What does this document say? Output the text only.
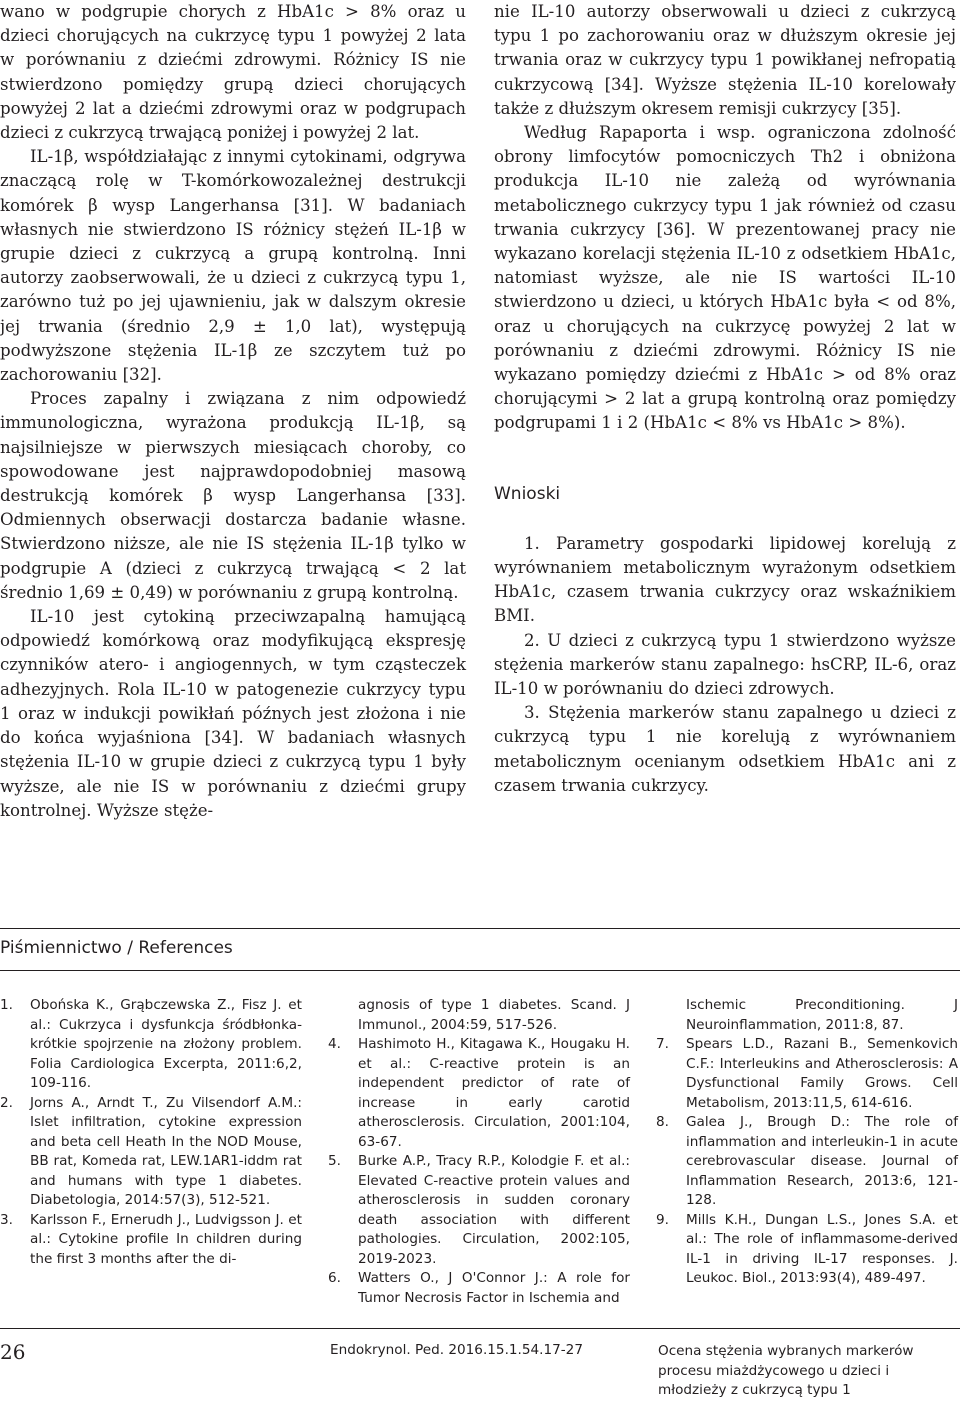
wano w podgrupie chorych z HbA1c > 8% oraz u dzieci chorujących na cukrzycę typu 1 powyżej 2 lata w porównaniu z dziećmi zdrowymi. Różnicy IS nie stwierdzono pomiędzy grupą dzieci chorujących powyżej 2 lat a dziećmi zdrowymi oraz w podgrupach dzieci z cukrzycą trwającą poniżej i powyżej 2 lat.

IL-1β, współdziałając z innymi cytokinami, odgrywa znaczącą rolę w T-komórkowozależnej destrukcji komórek β wysp Langerhansa [31]. W badaniach własnych nie stwierdzono IS różnicy stężeń IL-1β w grupie dzieci z cukrzycą a grupą kontrolną. Inni autorzy zaobserwowali, że u dzieci z cukrzycą typu 1, zarówno tuż po jej ujawnieniu, jak w dalszym okresie jej trwania (średnio 2,9 ± 1,0 lat), występują podwyższone stężenia IL-1β ze szczytem tuż po zachorowaniu [32].

Proces zapalny i związana z nim odpowiedź immunologiczna, wyrażona produkcją IL-1β, są najsilniejsze w pierwszych miesiącach choroby, co spowodowane jest najprawdopodobniej masową destrukcją komórek β wysp Langerhansa [33]. Odmiennych obserwacji dostarcza badanie własne. Stwierdzono niższe, ale nie IS stężenia IL-1β tylko w podgrupie A (dzieci z cukrzycą trwającą < 2 lat średnio 1,69 ± 0,49) w porównaniu z grupą kontrolną.

IL-10 jest cytokiną przeciwzapalną hamującą odpowiedź komórkową oraz modyfikującą ekspresję czynników atero- i angiogennych, w tym cząsteczek adhezyjnych. Rola IL-10 w patogenezie cukrzycy typu 1 oraz w indukcji powikłań późnych jest złożona i nie do końca wyjaśniona [34]. W badaniach własnych stężenia IL-10 w grupie dzieci z cukrzycą typu 1 były wyższe, ale nie IS w porównaniu z dziećmi grupy kontrolnej. Wyższe stęże-

nie IL-10 autorzy obserwowali u dzieci z cukrzycą typu 1 po zachorowaniu oraz w dłuższym okresie jej trwania oraz w cukrzycy typu 1 powikłanej nefropatią cukrzycową [34]. Wyższe stężenia IL-10 korelowały także z dłuższym okresem remisji cukrzycy [35].

Według Rapaporta i wsp. ograniczona zdolność obrony limfocytów pomocniczych Th2 i obniżona produkcja IL-10 nie zależą od wyrównania metabolicznego cukrzycy typu 1 jak również od czasu trwania cukrzycy [36]. W prezentowanej pracy nie wykazano korelacji stężenia IL-10 z odsetkiem HbA1c, natomiast wyższe, ale nie IS wartości IL-10 stwierdzono u dzieci, u których HbA1c była < od 8%, oraz u chorujących na cukrzycę powyżej 2 lat w porównaniu z dziećmi zdrowymi. Różnicy IS nie wykazano pomiędzy dziećmi z HbA1c > od 8% oraz chorującymi > 2 lat a grupą kontrolną oraz pomiędzy podgrupami 1 i 2 (HbA1c < 8% vs HbA1c > 8%).

Wnioski

1. Parametry gospodarki lipidowej korelują z wyrównaniem metabolicznym wyrażonym odsetkiem HbA1c, czasem trwania cukrzycy oraz wskaźnikiem BMI.

2. U dzieci z cukrzycą typu 1 stwierdzono wyższe stężenia markerów stanu zapalnego: hsCRP, IL-6, oraz IL-10 w porównaniu do dzieci zdrowych.

3. Stężenia markerów stanu zapalnego u dzieci z cukrzycą typu 1 nie korelują z wyrównaniem metabolicznym ocenianym odsetkiem HbA1c ani z czasem trwania cukrzycy.

Piśmiennictwo / References
1. Obońska K., Grąbczewska Z., Fisz J. et al.: Cukrzyca i dysfunkcja śródbłonka-krótkie spojrzenie na złożony problem. Folia Cardiologica Excerpta, 2011:6,2, 109-116.
2. Jorns A., Arndt T., Zu Vilsendorf A.M.: Islet infiltration, cytokine expression and beta cell Heath In the NOD Mouse, BB rat, Komeda rat, LEW.1AR1-iddm rat and humans with type 1 diabetes. Diabetologia, 2014:57(3), 512-521.
3. Karlsson F., Ernerudh J., Ludvigsson J. et al.: Cytokine profile In children during the first 3 months after the di-
agnosis of type 1 diabetes. Scand. J Immunol., 2004:59, 517-526.
4. Hashimoto H., Kitagawa K., Hougaku H. et al.: C-reactive protein is an independent predictor of rate of increase in early carotid atherosclerosis. Circulation, 2001:104, 63-67.
5. Burke A.P., Tracy R.P., Kolodgie F. et al.: Elevated C-reactive protein values and atherosclerosis in sudden coronary death association with different pathologies. Circulation, 2002:105, 2019-2023.
6. Watters O., J O'Connor J.: A role for Tumor Necrosis Factor in Ischemia and
Ischemic Preconditioning. J Neuroinflammation, 2011:8, 87.
7. Spears L.D., Razani B., Semenkovich C.F.: Interleukins and Atherosclerosis: A Dysfunctional Family Grows. Cell Metabolism, 2013:11,5, 614-616.
8. Galea J., Brough D.: The role of inflammation and interleukin-1 in acute cerebrovascular disease. Journal of Inflammation Research, 2013:6, 121-128.
9. Mills K.H., Dungan L.S., Jones S.A. et al.: The role of inflammasome-derived IL-1 in driving IL-17 responses. J. Leukoc. Biol., 2013:93(4), 489-497.
26	Endokrynol. Ped. 2016.15.1.54.17-27	Ocena stężenia wybranych markerów procesu miażdżycowego u dzieci i młodzieży z cukrzycą typu 1
